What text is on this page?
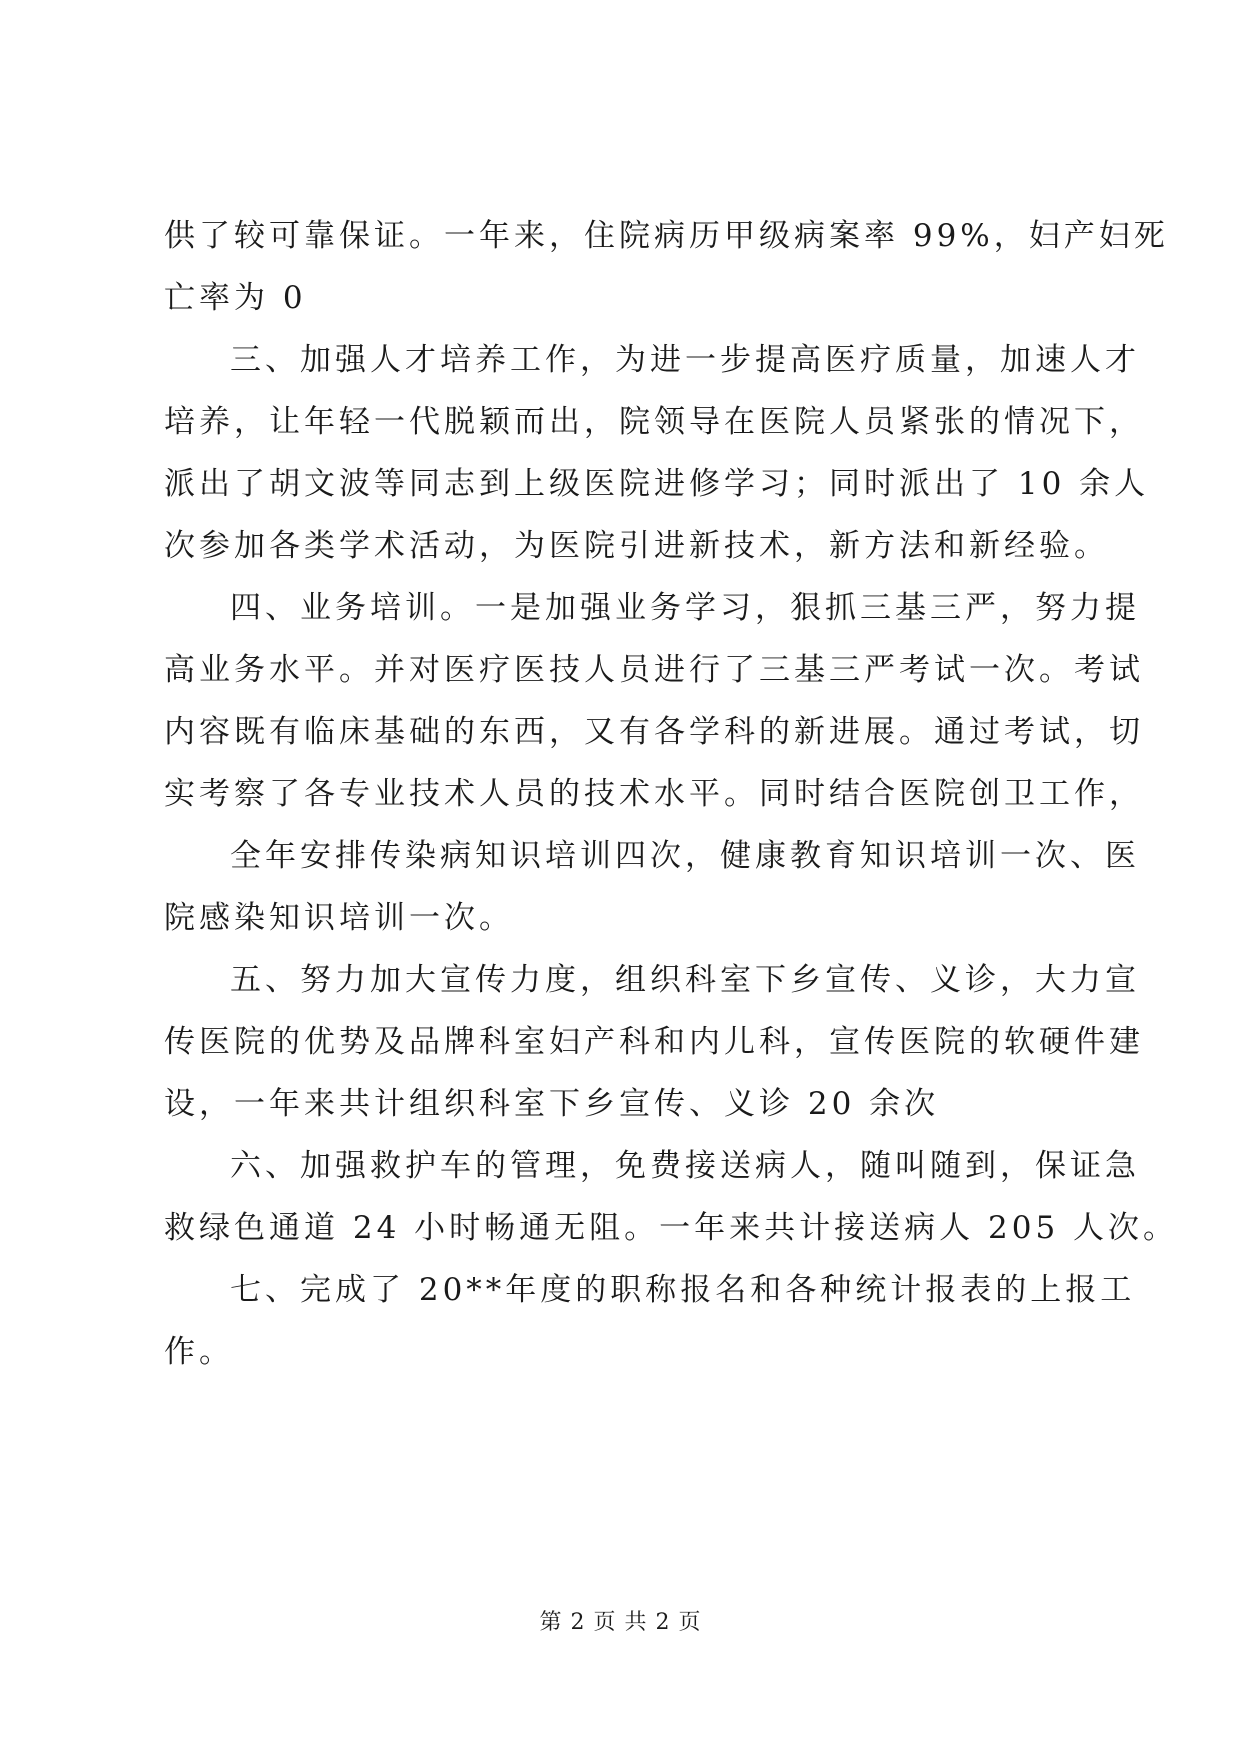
供了较可靠保证。一年来，住院病历甲级病案率 99%，妇产妇死
亡率为 0
三、加强人才培养工作，为进一步提高医疗质量，加速人才
培养，让年轻一代脱颖而出，院领导在医院人员紧张的情况下，
派出了胡文波等同志到上级医院进修学习；同时派出了 10 余人
次参加各类学术活动，为医院引进新技术，新方法和新经验。
四、业务培训。一是加强业务学习，狠抓三基三严，努力提
高业务水平。并对医疗医技人员进行了三基三严考试一次。考试
内容既有临床基础的东西，又有各学科的新进展。通过考试，切
实考察了各专业技术人员的技术水平。同时结合医院创卫工作，
全年安排传染病知识培训四次，健康教育知识培训一次、医
院感染知识培训一次。
五、努力加大宣传力度，组织科室下乡宣传、义诊，大力宣
传医院的优势及品牌科室妇产科和内儿科，宣传医院的软硬件建
设，一年来共计组织科室下乡宣传、义诊 20 余次
六、加强救护车的管理，免费接送病人，随叫随到，保证急
救绿色通道 24 小时畅通无阻。一年来共计接送病人 205 人次。
七、完成了 20**年度的职称报名和各种统计报表的上报工
作。
第 2 页 共 2 页
